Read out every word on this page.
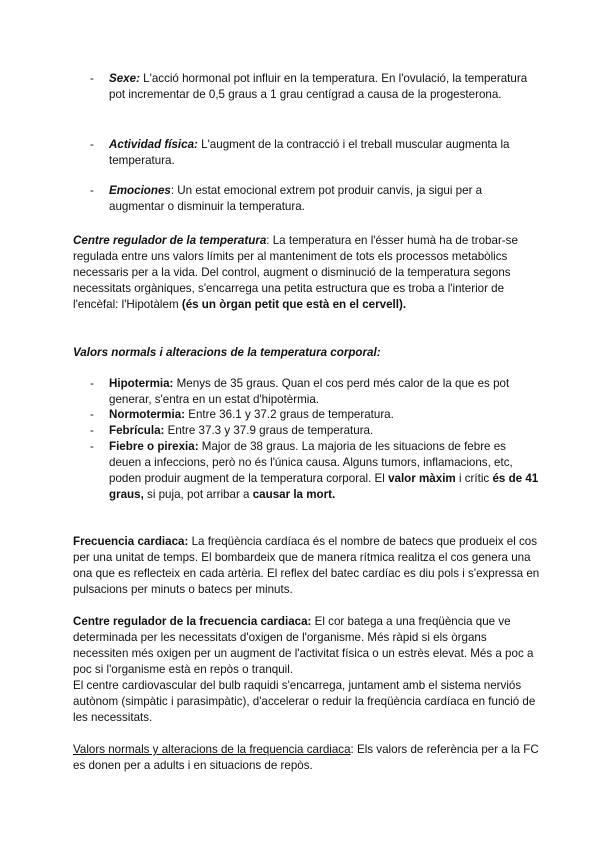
-	Sexe: L'acció hormonal pot influir en la temperatura. En l'ovulació, la temperatura pot incrementar de 0,5 graus a 1 grau centígrad a causa de la progesterona.
-	Actividad física: L'augment de la contracció i el treball muscular augmenta la temperatura.
-	Emociones: Un estat emocional extrem pot produir canvis, ja sigui per a augmentar o disminuir la temperatura.
Centre regulador de la temperatura: La temperatura en l'ésser humà ha de trobar-se regulada entre uns valors límits per al manteniment de tots els processos metabòlics necessaris per a la vida. Del control, augment o disminució de la temperatura segons necessitats orgàniques, s'encarrega una petita estructura que es troba a l'interior de l'encèfal: l'Hipotàlem (és un òrgan petit que està en el cervell).
Valors normals i alteracions de la temperatura corporal:
-	Hipotermia: Menys de 35 graus. Quan el cos perd més calor de la que es pot generar, s'entra en un estat d'hipotèrmia.
-	Normotermia: Entre 36.1 y 37.2 graus de temperatura.
-	Febrícula: Entre 37.3 y 37.9 graus de temperatura.
-	Fiebre o pirexia: Major de 38 graus. La majoria de les situacions de febre es deuen a infeccions, però no és l'única causa. Alguns tumors, inflamacions, etc, poden produir augment de la temperatura corporal. El valor màxim i crític és de 41 graus, si puja, pot arribar a causar la mort.
Frecuencia cardiaca: La freqüència cardíaca és el nombre de batecs que produeix el cos per una unitat de temps. El bombardeix que de manera rítmica realitza el cos genera una ona que es reflecteix en cada artèria. El reflex del batec cardíac es diu pols i s'expressa en pulsacions per minuts o batecs per minuts.
Centre regulador de la frecuencia cardiaca: El cor batega a una freqüència que ve determinada per les necessitats d'oxigen de l'organisme. Més ràpid si els òrgans necessiten més oxigen per un augment de l'activitat física o un estrès elevat. Més a poc a poc si l'organisme està en repòs o tranquil.
El centre cardiovascular del bulb raquidi s'encarrega, juntament amb el sistema nerviós autònom (simpàtic i parasimpàtic), d'accelerar o reduir la freqüència cardíaca en funció de les necessitats.
Valors normals y alteracions de la frequencia cardiaca: Els valors de referència per a la FC es donen per a adults i en situacions de repòs.
